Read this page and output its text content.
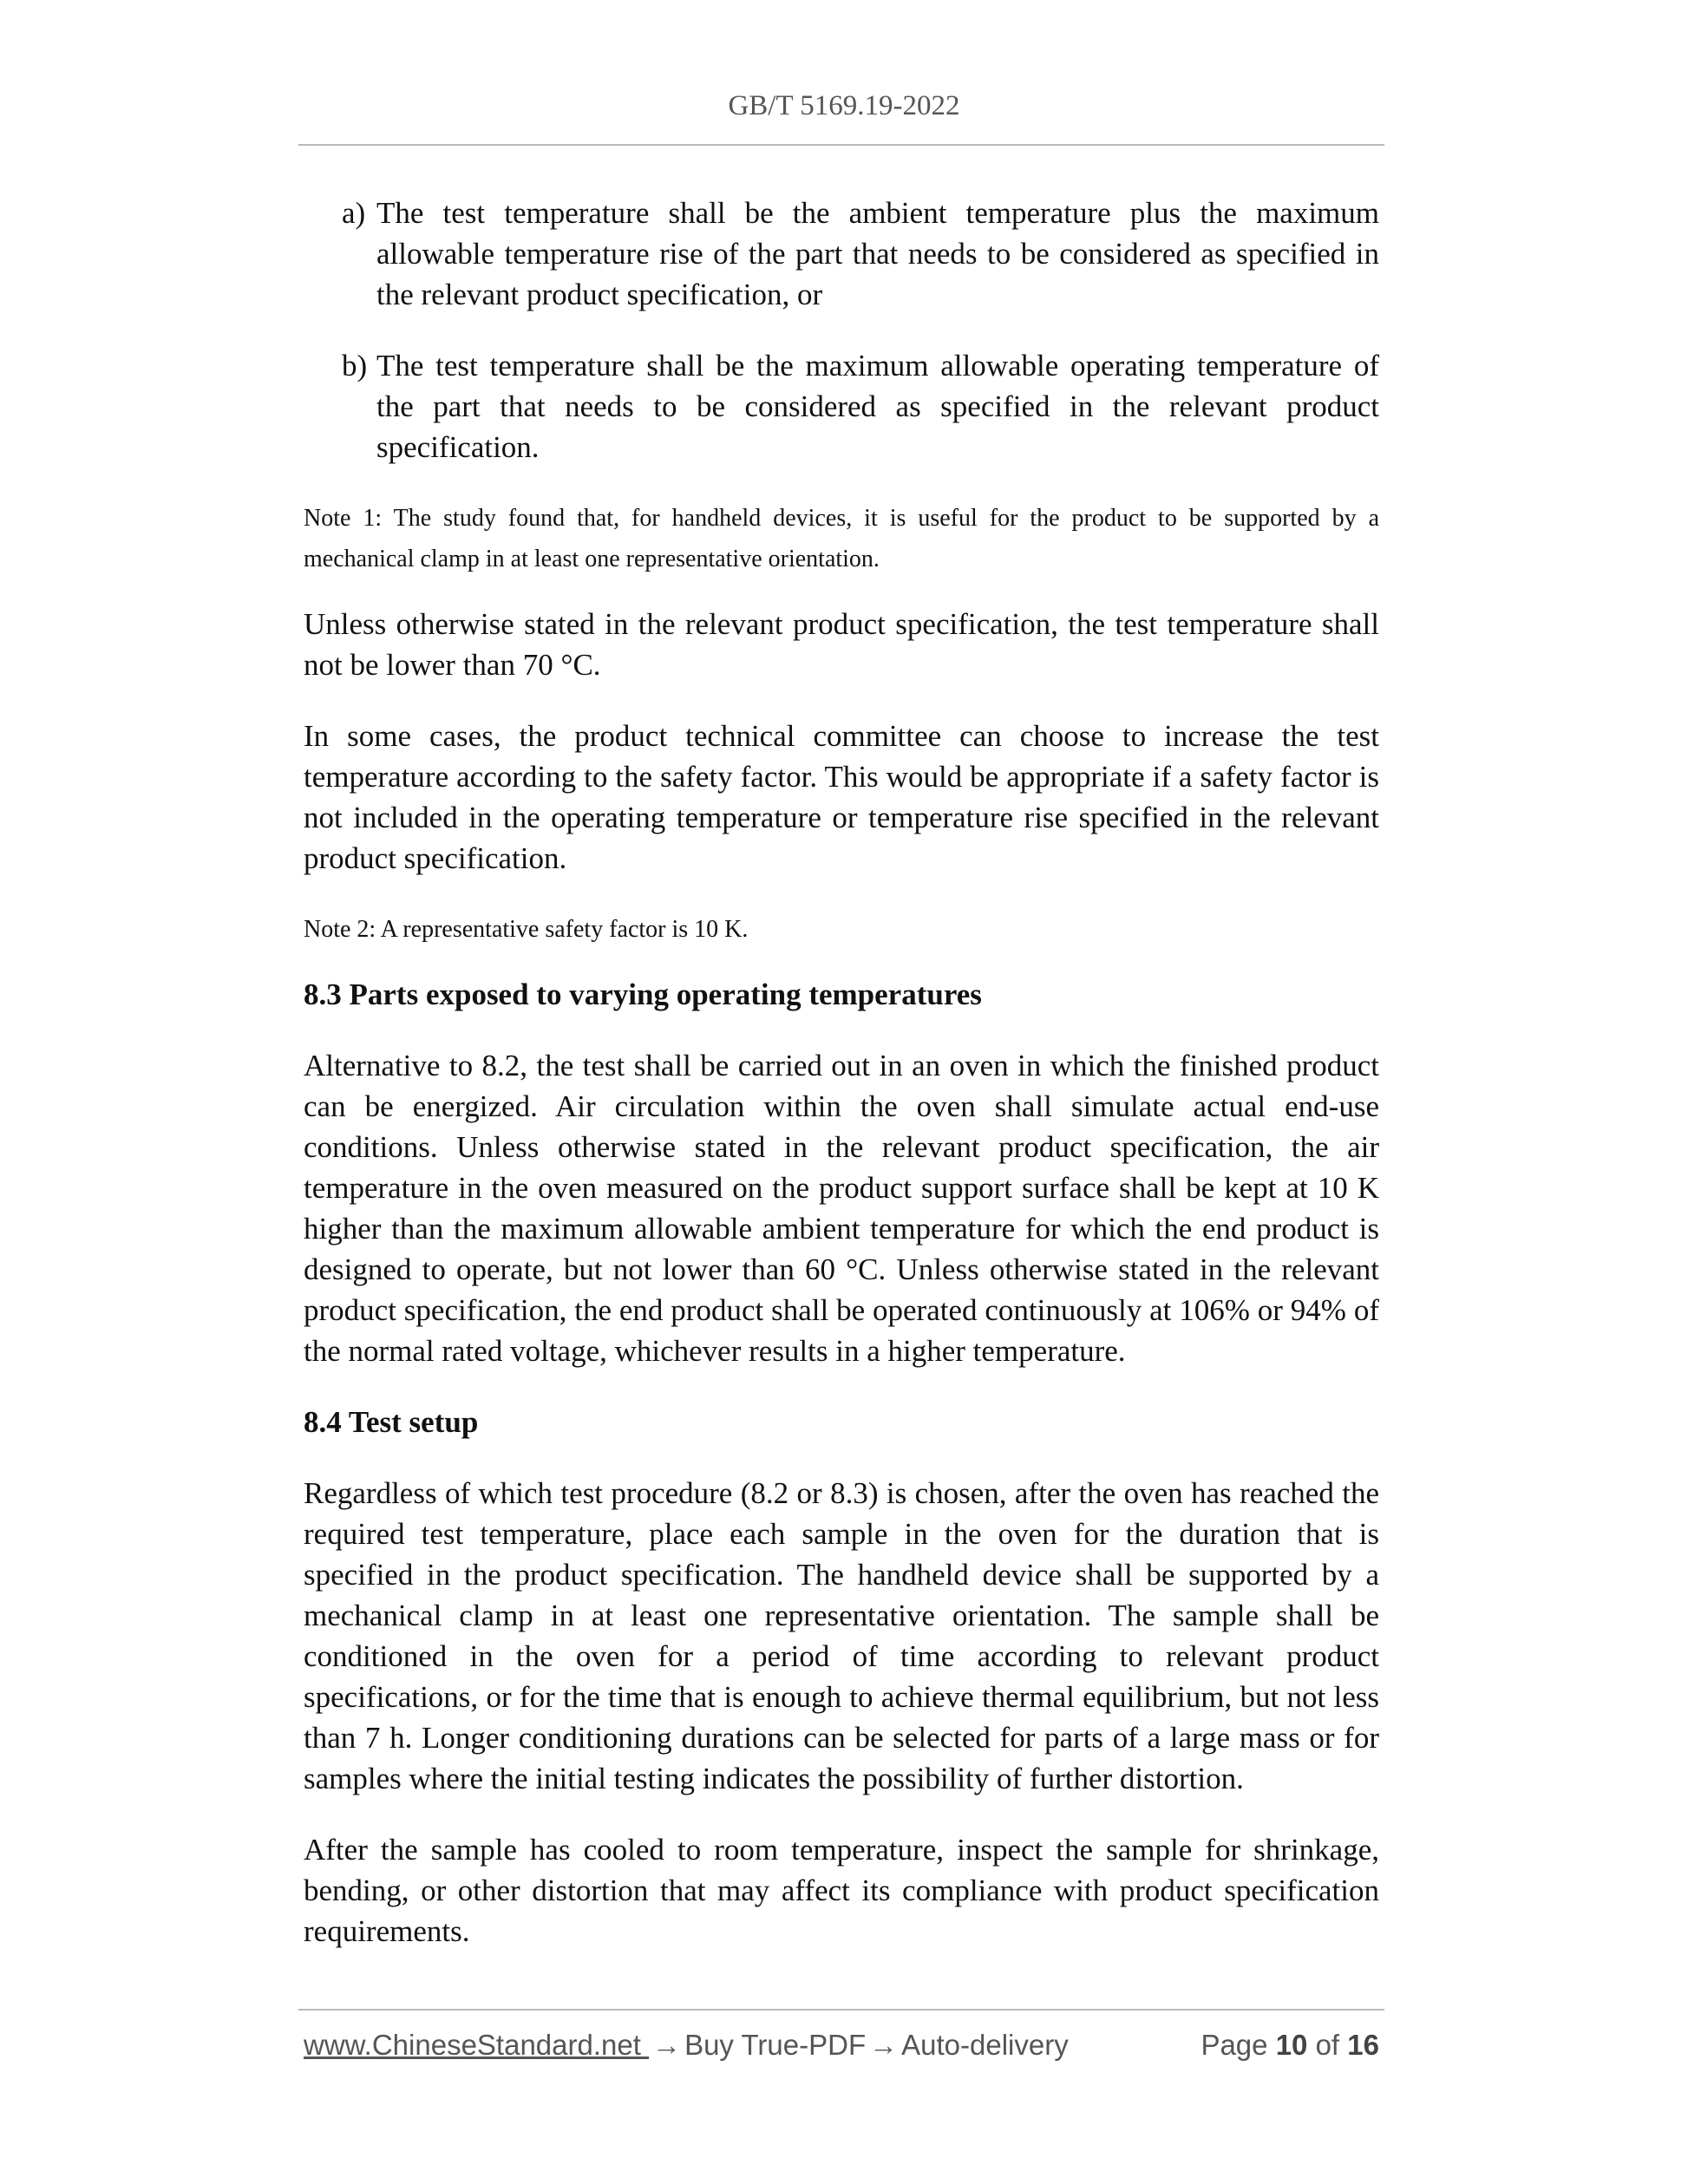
GB/T 5169.19-2022
a) The test temperature shall be the ambient temperature plus the maximum allowable temperature rise of the part that needs to be considered as specified in the relevant product specification, or
b) The test temperature shall be the maximum allowable operating temperature of the part that needs to be considered as specified in the relevant product specification.
Note 1: The study found that, for handheld devices, it is useful for the product to be supported by a mechanical clamp in at least one representative orientation.
Unless otherwise stated in the relevant product specification, the test temperature shall not be lower than 70 °C.
In some cases, the product technical committee can choose to increase the test temperature according to the safety factor. This would be appropriate if a safety factor is not included in the operating temperature or temperature rise specified in the relevant product specification.
Note 2: A representative safety factor is 10 K.
8.3 Parts exposed to varying operating temperatures
Alternative to 8.2, the test shall be carried out in an oven in which the finished product can be energized. Air circulation within the oven shall simulate actual end-use conditions. Unless otherwise stated in the relevant product specification, the air temperature in the oven measured on the product support surface shall be kept at 10 K higher than the maximum allowable ambient temperature for which the end product is designed to operate, but not lower than 60 °C. Unless otherwise stated in the relevant product specification, the end product shall be operated continuously at 106% or 94% of the normal rated voltage, whichever results in a higher temperature.
8.4 Test setup
Regardless of which test procedure (8.2 or 8.3) is chosen, after the oven has reached the required test temperature, place each sample in the oven for the duration that is specified in the product specification. The handheld device shall be supported by a mechanical clamp in at least one representative orientation. The sample shall be conditioned in the oven for a period of time according to relevant product specifications, or for the time that is enough to achieve thermal equilibrium, but not less than 7 h. Longer conditioning durations can be selected for parts of a large mass or for samples where the initial testing indicates the possibility of further distortion.
After the sample has cooled to room temperature, inspect the sample for shrinkage, bending, or other distortion that may affect its compliance with product specification requirements.
www.ChineseStandard.net → Buy True-PDF → Auto-delivery	Page 10 of 16
